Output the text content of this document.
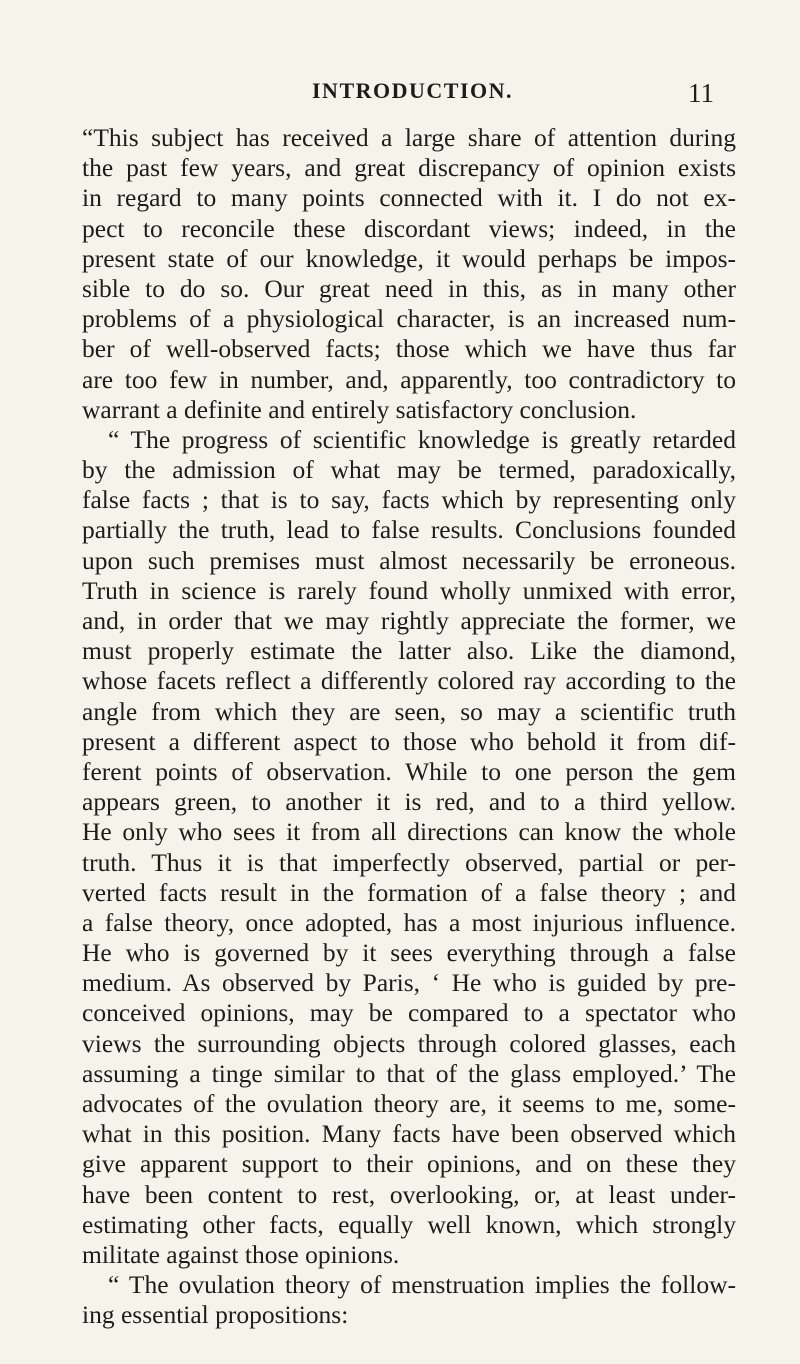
INTRODUCTION.	11
“This subject has received a large share of attention during
the past few years, and great discrepancy of opinion exists
in regard to many points connected with it. I do not ex-
pect to reconcile these discordant views; indeed, in the
present state of our knowledge, it would perhaps be impos-
sible to do so. Our great need in this, as in many other
problems of a physiological character, is an increased num-
ber of well-observed facts; those which we have thus far
are too few in number, and, apparently, too contradictory to
warrant a definite and entirely satisfactory conclusion.
“ The progress of scientific knowledge is greatly retarded
by the admission of what may be termed, paradoxically,
false facts ; that is to say, facts which by representing only
partially the truth, lead to false results. Conclusions founded
upon such premises must almost necessarily be erroneous.
Truth in science is rarely found wholly unmixed with error,
and, in order that we may rightly appreciate the former, we
must properly estimate the latter also. Like the diamond,
whose facets reflect a differently colored ray according to the
angle from which they are seen, so may a scientific truth
present a different aspect to those who behold it from dif-
ferent points of observation. While to one person the gem
appears green, to another it is red, and to a third yellow.
He only who sees it from all directions can know the whole
truth. Thus it is that imperfectly observed, partial or per-
verted facts result in the formation of a false theory ; and
a false theory, once adopted, has a most injurious influence.
He who is governed by it sees everything through a false
medium. As observed by Paris, ‘ He who is guided by pre-
conceived opinions, may be compared to a spectator who
views the surrounding objects through colored glasses, each
assuming a tinge similar to that of the glass employed.’ The
advocates of the ovulation theory are, it seems to me, some-
what in this position. Many facts have been observed which
give apparent support to their opinions, and on these they
have been content to rest, overlooking, or, at least under-
estimating other facts, equally well known, which strongly
militate against those opinions.
“ The ovulation theory of menstruation implies the follow-
ing essential propositions:
